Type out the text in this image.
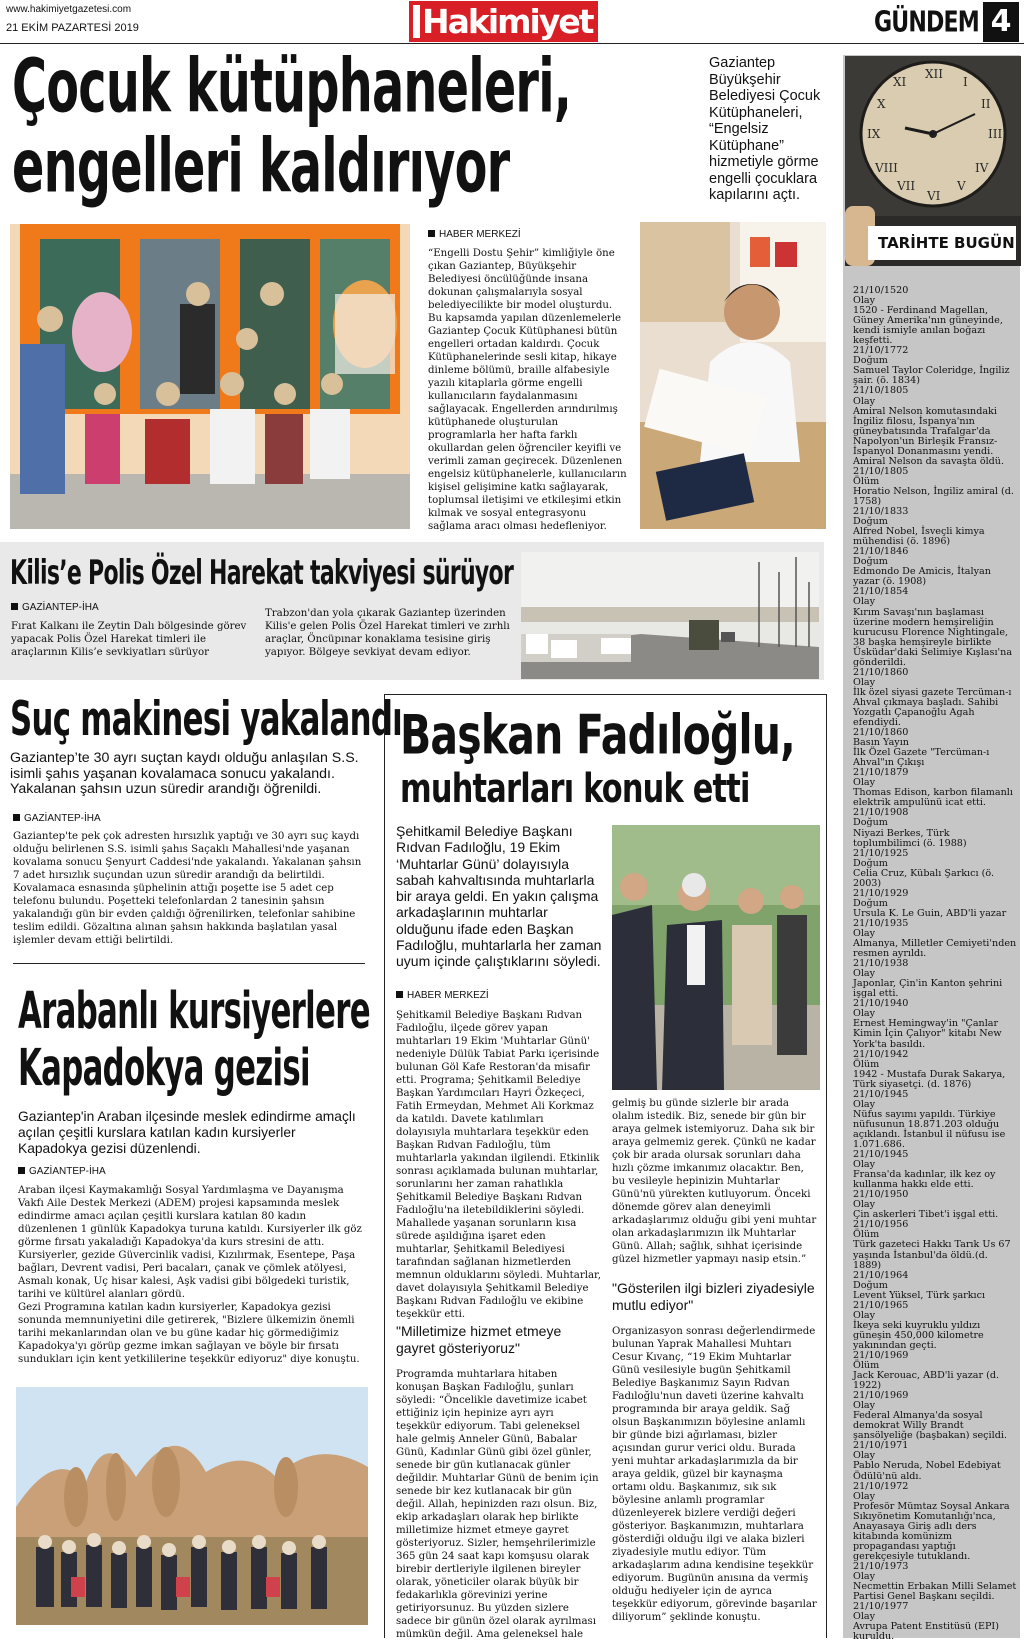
www.hakimiyetgazetesi.com
21 EKİM PAZARTESİ 2019	Hakimiyet	GÜNDEM 4
Çocuk kütüphaneleri,
engelleri kaldırıyor
Gaziantep Büyükşehir Belediyesi Çocuk Kütüphaneleri, “Engelsiz Kütüphane” hizmetiyle görme engelli çocuklara kapılarını açtı.
HABER MERKEZİ
“Engelli Dostu Şehir” kimliğiyle öne çıkan Gaziantep, Büyükşehir Belediyesi öncülüğünde insana dokunan çalışmalarıyla sosyal belediyecilikte bir model oluşturdu. Bu kapsamda yapılan düzenlemelerle Gaziantep Çocuk Kütüphanesi bütün engelleri ortadan kaldırdı. Çocuk Kütüphanelerinde sesli kitap, hikaye dinleme bölümü, braille alfabesiyle yazılı kitaplarla görme engelli kullanıcıların faydalanmasını sağlayacak. Engellerden arındırılmış kütüphanede oluşturulan programlarla her hafta farklı okullardan gelen öğrenciler keyifli ve verimli zaman geçirecek. Düzenlenen engelsiz kütüphanelerle, kullanıcıların kişisel gelişimine katkı sağlayarak, toplumsal iletişimi ve etkileşimi etkin kılmak ve sosyal entegrasyonu sağlama aracı olması hedefleniyor.
Kilis’e Polis Özel Harekat takviyesi sürüyor
GAZİANTEP-İHA
Fırat Kalkanı ile Zeytin Dalı bölgesinde görev yapacak Polis Özel Harekat timleri ile araçlarının Kilis’e sevkiyatları sürüyor
Trabzon'dan yola çıkarak Gaziantep üzerinden Kilis'e gelen Polis Özel Harekat timleri ve zırhlı araçlar, Öncüpınar konaklama tesisine giriş yapıyor. Bölgeye sevkiyat devam ediyor.
Suç makinesi yakalandı
Gaziantep’te 30 ayrı suçtan kaydı olduğu anlaşılan S.S. isimli şahıs yaşanan kovalamaca sonucu yakalandı. Yakalanan şahsın uzun süredir arandığı öğrenildi.
GAZİANTEP-İHA
Gaziantep'te pek çok adresten hırsızlık yaptığı ve 30 ayrı suç kaydı olduğu belirlenen S.S. isimli şahıs Saçaklı Mahallesi'nde yaşanan kovalama sonucu Şenyurt Caddesi'nde yakalandı. Yakalanan şahsın 7 adet hırsızlık suçundan uzun süredir arandığı da belirtildi. Kovalamaca esnasında şüphelinin attığı poşette ise 5 adet cep telefonu bulundu. Poşetteki telefonlardan 2 tanesinin şahsın yakalandığı gün bir evden çaldığı öğrenilirken, telefonlar sahibine teslim edildi. Gözaltına alınan şahsın hakkında başlatılan yasal işlemler devam ettiği belirtildi.
Arabanlı kursiyerlere
Kapadokya gezisi
Gaziantep'in Araban ilçesinde meslek edindirme amaçlı açılan çeşitli kurslara katılan kadın kursiyerler Kapadokya gezisi düzenlendi.
GAZİANTEP-İHA

Araban ilçesi Kaymakamlığı Sosyal Yardımlaşma ve Dayanışma Vakfı Aile Destek Merkezi (ADEM) projesi kapsamında meslek edindirme amacı açılan çeşitli kurslara katılan 80 kadın düzenlenen 1 günlük Kapadokya turuna katıldı. Kursiyerler ilk göz görme fırsatı yakaladığı Kapadokya'da kurs stresini de attı.

Kursiyerler, gezide Güvercinlik vadisi, Kızılırmak, Esentepe, Paşa bağları, Devrent vadisi, Peri bacaları, çanak ve çömlek atölyesi, Asmalı konak, Uç hisar kalesi, Aşk vadisi gibi bölgedeki turistik, tarihi ve kültürel alanları gördü.

Gezi Programına katılan kadın kursiyerler, Kapadokya gezisi sonunda memnuniyetini dile getirerek, "Bizlere ülkemizin önemli tarihi mekanlarından olan ve bu güne kadar hiç görmediğimiz Kapadokya'yı görüp gezme imkan sağlayan ve böyle bir fırsatı sundukları için kent yetkililerine teşekkür ediyoruz" diye konuştu.

Başkan Fadıloğlu,
muhtarları konuk etti
Şehitkamil Belediye Başkanı Rıdvan Fadıloğlu, 19 Ekim ‘Muhtarlar Günü’ dolayısıyla sabah kahvaltısında muhtarlarla bir araya geldi. En yakın çalışma arkadaşlarının muhtarlar olduğunu ifade eden Başkan Fadıloğlu, muhtarlarla her zaman uyum içinde çalıştıklarını söyledi.
HABER MERKEZİ
Şehitkamil Belediye Başkanı Rıdvan Fadıloğlu, ilçede görev yapan muhtarları 19 Ekim 'Muhtarlar Günü' nedeniyle Dülük Tabiat Parkı içerisinde bulunan Göl Kafe Restoran'da misafir etti. Programa; Şehitkamil Belediye Başkan Yardımcıları Hayri Özkeçeci, Fatih Ermeydan, Mehmet Ali Korkmaz da katıldı. Davete katılımları dolayısıyla muhtarlara teşekkür eden Başkan Rıdvan Fadıloğlu, tüm muhtarlarla yakından ilgilendi. Etkinlik sonrası açıklamada bulunan muhtarlar, sorunlarını her zaman rahatlıkla Şehitkamil Belediye Başkanı Rıdvan Fadıloğlu'na iletebildiklerini söyledi. Mahallede yaşanan sorunların kısa sürede aşıldığına işaret eden muhtarlar, Şehitkamil Belediyesi tarafından sağlanan hizmetlerden memnun olduklarını söyledi. Muhtarlar, davet dolayısıyla Şehitkamil Belediye Başkanı Rıdvan Fadıloğlu ve ekibine teşekkür etti.
"Milletimize hizmet etmeye gayret gösteriyoruz"
Programda muhtarlara hitaben konuşan Başkan Fadıloğlu, şunları söyledi: “Öncelikle davetimize icabet ettiğiniz için hepinize ayrı ayrı teşekkür ediyorum. Tabi geleneksel hale gelmiş Anneler Günü, Babalar Günü, Kadınlar Günü gibi özel günler, senede bir gün kutlanacak günler değildir. Muhtarlar Günü de benim için senede bir kez kutlanacak bir gün değil. Allah, hepinizden razı olsun. Biz, ekip arkadaşları olarak hep birlikte milletimize hizmet etmeye gayret gösteriyoruz. Sizler, hemşehrilerimizle 365 gün 24 saat kapı komşusu olarak birebir dertleriyle ilgilenen bireyler olarak, yöneticiler olarak büyük bir fedakarlıkla görevinizi yerine getiriyorsunuz. Bu yüzden sizlere sadece bir günün özel olarak ayrılması mümkün değil. Ama geleneksel hale
gelmiş bu günde sizlerle bir arada olalım istedik. Biz, senede bir gün bir araya gelmek istemiyoruz. Daha sık bir araya gelmemiz gerek. Çünkü ne kadar çok bir arada olursak sorunları daha hızlı çözme imkanımız olacaktır. Ben, bu vesileyle hepinizin Muhtarlar Günü'nü yürekten kutluyorum. Önceki dönemde görev alan deneyimli arkadaşlarımız olduğu gibi yeni muhtar olan arkadaşlarımızın ilk Muhtarlar Günü. Allah; sağlık, sıhhat içerisinde güzel hizmetler yapmayı nasip etsin.”
"Gösterilen ilgi bizleri ziyadesiyle mutlu ediyor"
Organizasyon sonrası değerlendirmede bulunan Yaprak Mahallesi Muhtarı Cesur Kıvanç, “19 Ekim Muhtarlar Günü vesilesiyle bugün Şehitkamil Belediye Başkanımız Sayın Rıdvan Fadıloğlu'nun daveti üzerine kahvaltı programında bir araya geldik. Sağ olsun Başkanımızın böylesine anlamlı bir günde bizi ağırlaması, bizler açısından gurur verici oldu. Burada yeni muhtar arkadaşlarımızla da bir araya geldik, güzel bir kaynaşma ortamı oldu. Başkanımız, sık sık böylesine anlamlı programlar düzenleyerek bizlere verdiği değeri gösteriyor. Başkanımızın, muhtarlara gösterdiği olduğu ilgi ve alaka bizleri ziyadesiyle mutlu ediyor. Tüm arkadaşlarım adına kendisine teşekkür ediyorum. Bugünün anısına da vermiş olduğu hediyeler için de ayrıca teşekkür ediyorum, görevinde başarılar diliyorum” şeklinde konuştu.
XII
III
VI
IX
I
II
IV
V
VII
VIII
X
XI
TARİHTE BUGÜN
21/10/1520
Olay
1520 - Ferdinand Magellan, Güney Amerika'nın güneyinde, kendi ismiyle anılan boğazı keşfetti.
21/10/1772
Doğum
Samuel Taylor Coleridge, İngiliz şair. (ö. 1834)
21/10/1805
Olay
Amiral Nelson komutasındaki İngiliz filosu, İspanya'nın güneybatısında Trafalgar'da Napolyon'un Birleşik Fransız-İspanyol Donanmasını yendi. Amiral Nelson da savaşta öldü.
21/10/1805
Ölüm
Horatio Nelson, İngiliz amiral (d. 1758)
21/10/1833
Doğum
Alfred Nobel, İsveçli kimya mühendisi (ö. 1896)
21/10/1846
Doğum
Edmondo De Amicis, İtalyan yazar (ö. 1908)
21/10/1854
Olay
Kırım Savaşı'nın başlaması üzerine modern hemşireliğin kurucusu Florence Nightingale, 38 başka hemşireyle birlikte Üsküdar'daki Selimiye Kışlası'na gönderildi.
21/10/1860
Olay
İlk özel siyasi gazete Tercüman-ı Ahval çıkmaya başladı. Sahibi Yozgatlı Çapanoğlu Agah efendiydi.
21/10/1860
Basın Yayın
İlk Özel Gazete "Tercüman-ı Ahval"ın Çıkışı
21/10/1879
Olay
Thomas Edison, karbon filamanlı elektrik ampulünü icat etti.
21/10/1908
Doğum
Niyazi Berkes, Türk toplumbilimci (ö. 1988)
21/10/1925
Doğum
Celia Cruz, Kübalı Şarkıcı (ö. 2003)
21/10/1929
Doğum
Ursula K. Le Guin, ABD'li yazar
21/10/1935
Olay
Almanya, Milletler Cemiyeti'nden resmen ayrıldı.
21/10/1938
Olay
Japonlar, Çin'in Kanton şehrini işgal etti.
21/10/1940
Olay
Ernest Hemingway'in "Çanlar Kimin İçin Çalıyor" kitabı New York'ta basıldı.
21/10/1942
Ölüm
1942 - Mustafa Durak Sakarya, Türk siyasetçi. (d. 1876)
21/10/1945
Olay
Nüfus sayımı yapıldı. Türkiye nüfusunun 18.871.203 olduğu açıklandı. İstanbul il nüfusu ise 1.071.686.
21/10/1945
Olay
Fransa'da kadınlar, ilk kez oy kullanma hakkı elde etti.
21/10/1950
Olay
Çin askerleri Tibet'i işgal etti.
21/10/1956
Ölüm
Türk gazeteci Hakkı Tarık Us 67 yaşında İstanbul'da öldü.(d. 1889)
21/10/1964
Doğum
Levent Yüksel, Türk şarkıcı
21/10/1965
Olay
İkeya seki kuyruklu yıldızı güneşin 450,000 kilometre yakınından geçti.
21/10/1969
Ölüm
Jack Kerouac, ABD'li yazar (d. 1922)
21/10/1969
Olay
Federal Almanya'da sosyal demokrat Willy Brandt şansölyeliğe (başbakan) seçildi.
21/10/1971
Olay
Pablo Neruda, Nobel Edebiyat Ödülü'nü aldı.
21/10/1972
Olay
Profesör Mümtaz Soysal Ankara Sıkıyönetim Komutanlığı'nca, Anayasaya Giriş adlı ders kitabında komünizm propagandası yaptığı gerekçesiyle tutuklandı.
21/10/1973
Olay
Necmettin Erbakan Milli Selamet Partisi Genel Başkanı seçildi.
21/10/1977
Olay
Avrupa Patent Enstitüsü (EPI) kuruldu.
